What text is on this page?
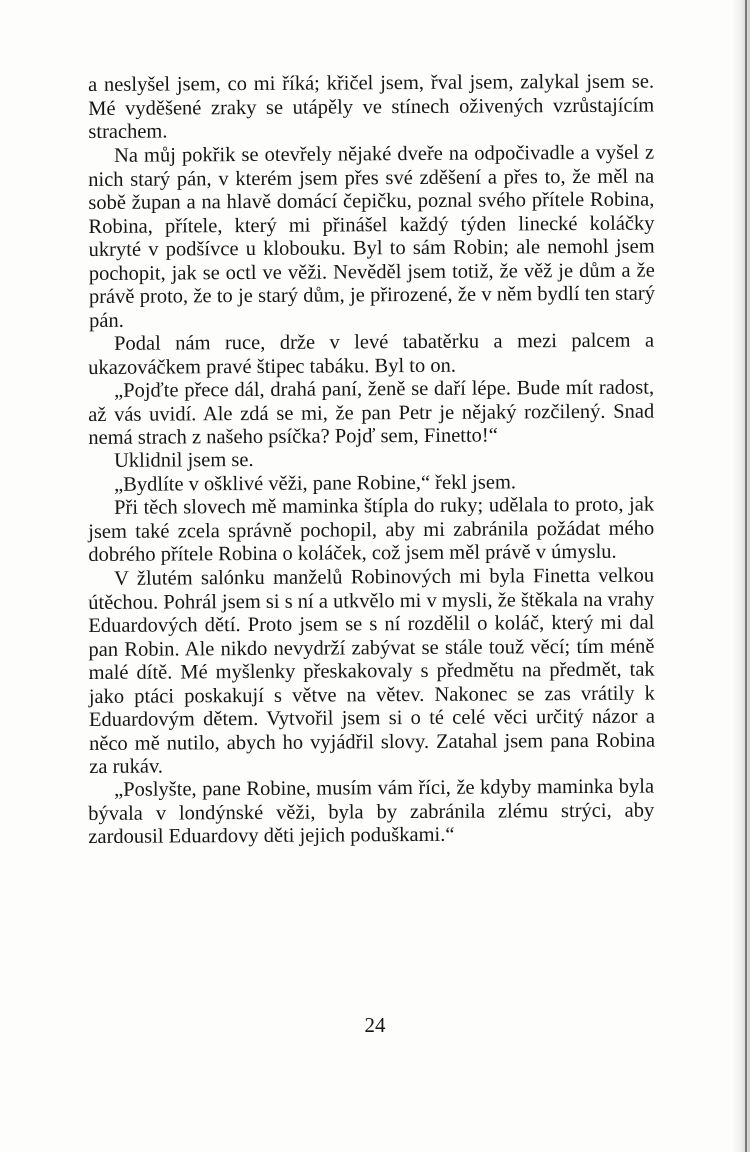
a neslyšel jsem, co mi říká; křičel jsem, řval jsem, zalykal jsem se. Mé vyděšené zraky se utápěly ve stínech oživených vzrůstajícím strachem.

Na můj pokřik se otevřely nějaké dveře na odpočivadle a vyšel z nich starý pán, v kterém jsem přes své zděšení a přes to, že měl na sobě župan a na hlavě domácí čepičku, poznal svého přítele Robina, Robina, přítele, který mi přinášel každý týden linecké koláčky ukryté v podšívce u klobouku. Byl to sám Robin; ale nemohl jsem pochopit, jak se octl ve věži. Nevěděl jsem totiž, že věž je dům a že právě proto, že to je starý dům, je přirozené, že v něm bydlí ten starý pán.

Podal nám ruce, drže v levé tabatěrku a mezi palcem a ukazováčkem pravé štipec tabáku. Byl to on.

„Pojďte přece dál, drahá paní, ženě se daří lépe. Bude mít radost, až vás uvidí. Ale zdá se mi, že pan Petr je nějaký rozčilený. Snad nemá strach z našeho psíčka? Pojď sem, Finetto!“

Uklidnil jsem se.

„Bydlíte v ošklivé věži, pane Robine,“ řekl jsem.

Při těch slovech mě maminka štípla do ruky; udělala to proto, jak jsem také zcela správně pochopil, aby mi zabránila požádat mého dobrého přítele Robina o koláček, což jsem měl právě v úmyslu.

V žlutém salónku manželů Robinových mi byla Finetta velkou útěchou. Pohrál jsem si s ní a utkvělo mi v mysli, že štěkala na vrahy Eduardových dětí. Proto jsem se s ní rozdělil o koláč, který mi dal pan Robin. Ale nikdo nevydrží zabývat se stále touž věcí; tím méně malé dítě. Mé myšlenky přeskakovaly s předmětu na předmět, tak jako ptáci poskakují s větve na větev. Nakonec se zas vrátily k Eduardovým dětem. Vytvořil jsem si o té celé věci určitý názor a něco mě nutilo, abych ho vyjádřil slovy. Zatahal jsem pana Robina za rukáv.

„Poslyšte, pane Robine, musím vám říci, že kdyby maminka byla bývala v londýnské věži, byla by zabránila zlému strýci, aby zardousil Eduardovy děti jejich poduškami.“

24
